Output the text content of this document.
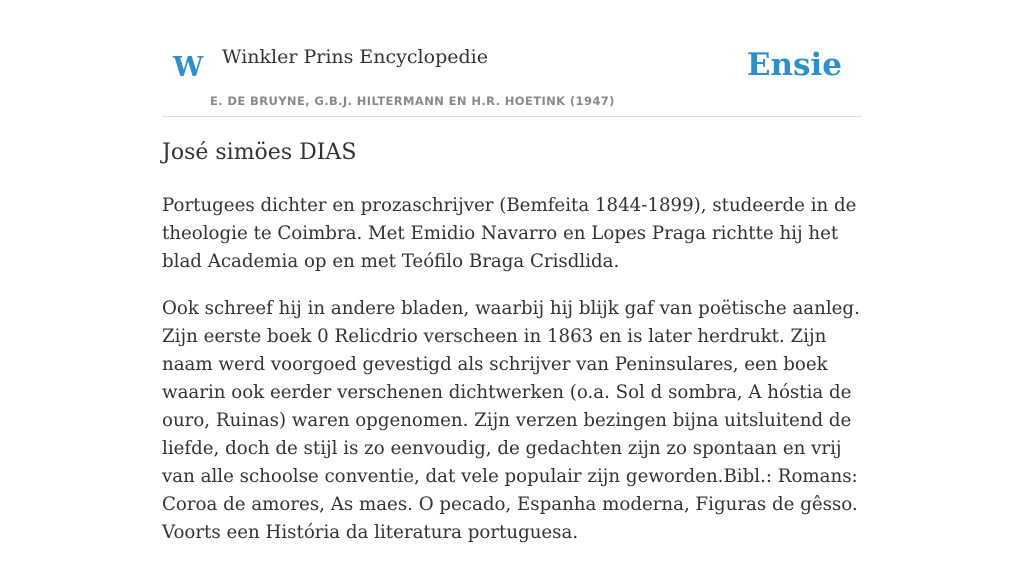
W Winkler Prins Encyclopedie
E. DE BRUYNE, G.B.J. HILTERMANN EN H.R. HOETINK (1947)
Ensie
José simöes DIAS

Portugees dichter en prozaschrijver (Bemfeita 1844-1899), studeerde in de theologie te Coimbra. Met Emidio Navarro en Lopes Praga richtte hij het blad Academia op en met Teófilo Braga Crisdlida.

Ook schreef hij in andere bladen, waarbij hij blijk gaf van poëtische aanleg. Zijn eerste boek 0 Relicdrio verscheen in 1863 en is later herdrukt. Zijn naam werd voorgoed gevestigd als schrijver van Peninsulares, een boek waarin ook eerder verschenen dichtwerken (o.a. Sol d sombra, A hóstia de ouro, Ruinas) waren opgenomen. Zijn verzen bezingen bijna uitsluitend de liefde, doch de stijl is zo eenvoudig, de gedachten zijn zo spontaan en vrij van alle schoolse conventie, dat vele populair zijn geworden.Bibl.: Romans: Coroa de amores, As maes. O pecado, Espanha moderna, Figuras de gêsso. Voorts een História da literatura portuguesa.
